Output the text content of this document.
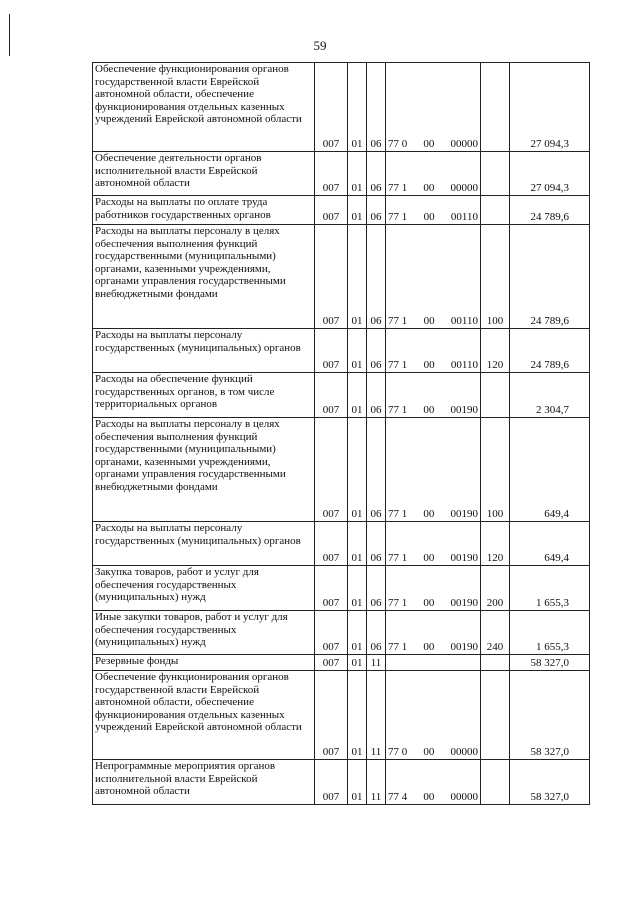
59
Обеспечение функционирования органов государственной власти Еврейской автономной области, обеспечение функционирования отдельных казенных учреждений Еврейской автономной области	007	01	06	77 0 00 00000		27 094,3
Обеспечение деятельности органов исполнительной власти Еврейской автономной области	007	01	06	77 1 00 00000		27 094,3
Расходы на выплаты по оплате труда работников государственных органов	007	01	06	77 1 00 00110		24 789,6
Расходы на выплаты персоналу в целях обеспечения выполнения функций государственными (муниципальными) органами, казенными учреждениями, органами управления государственными внебюджетными фондами	007	01	06	77 1 00 00110	100	24 789,6
Расходы на выплаты персоналу государственных (муниципальных) органов	007	01	06	77 1 00 00110	120	24 789,6
Расходы на обеспечение функций государственных органов, в том числе территориальных органов	007	01	06	77 1 00 00190		2 304,7
Расходы на выплаты персоналу в целях обеспечения выполнения функций государственными (муниципальными) органами, казенными учреждениями, органами управления государственными внебюджетными фондами	007	01	06	77 1 00 00190	100	649,4
Расходы на выплаты персоналу государственных (муниципальных) органов	007	01	06	77 1 00 00190	120	649,4
Закупка товаров, работ и услуг для обеспечения государственных (муниципальных) нужд	007	01	06	77 1 00 00190	200	1 655,3
Иные закупки товаров, работ и услуг для обеспечения государственных (муниципальных) нужд	007	01	06	77 1 00 00190	240	1 655,3
Резервные фонды	007	01	11			58 327,0
Обеспечение функционирования органов государственной власти Еврейской автономной области, обеспечение функционирования отдельных казенных учреждений Еврейской автономной области	007	01	11	77 0 00 00000		58 327,0
Непрограммные мероприятия органов исполнительной власти Еврейской автономной области	007	01	11	77 4 00 00000		58 327,0
